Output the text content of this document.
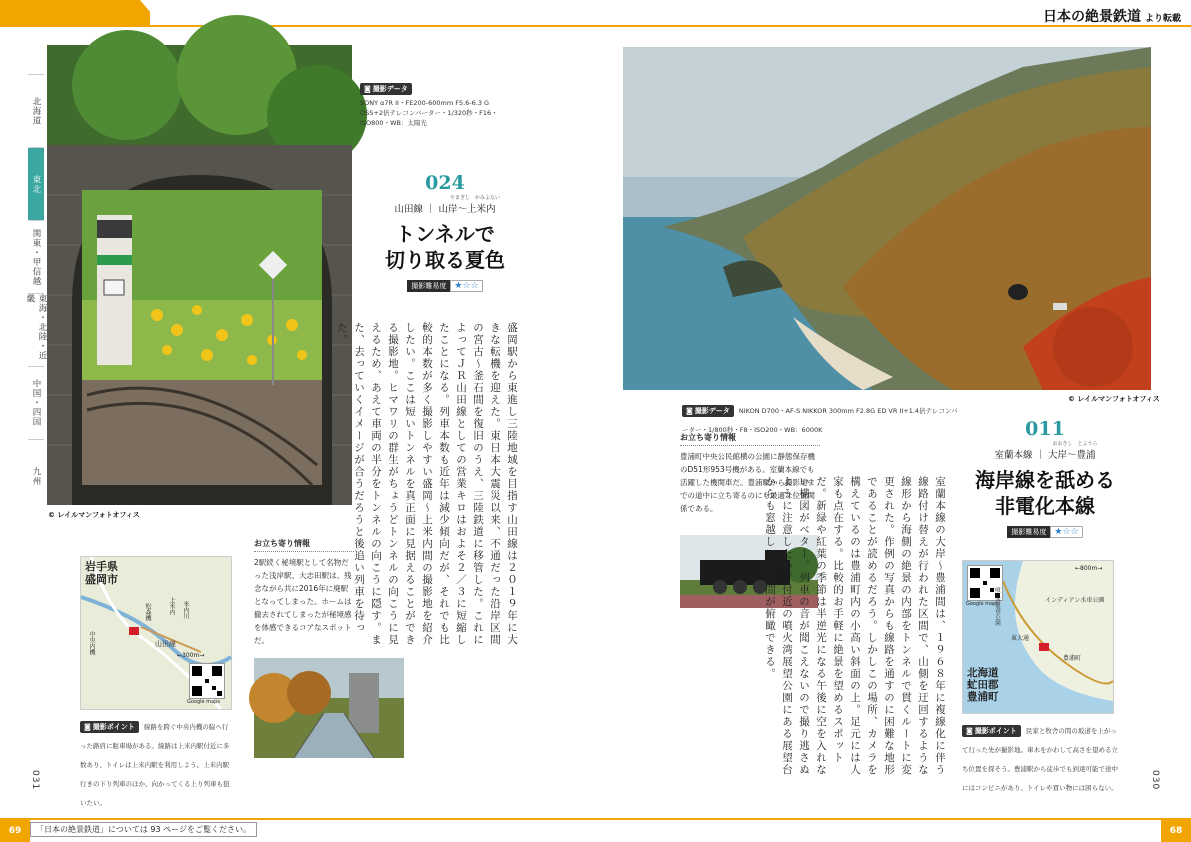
日本の絶景鉄道 より転載
北海道
東北
関東・甲信越
東海・北陸・近畿
中国・四国
九州
© レイルマンフォトオフィス
◙ 撮影データ
SONY α7R II・FE200-600mm F5.6-6.3 G OSS+2倍テレコンバーター・1/320秒・F16・ISO800・WB：太陽光
024
やまぎし　かみよない
山田線 ｜ 山岸～上米内
トンネルで
切り取る夏色
撮影難易度 ★☆☆
盛岡駅から東進し三陸地域を目指す山田線は２０１９年に大きな転機を迎えた。東日本大震災以来、不通だった沿岸区間の宮古～釜石間を復旧のうえ、三陸鉄道に移管した。これによってＪＲ山田線としての営業キロはおよそ２／３に短縮したことになる。列車本数も近年は減少傾向だが、それでも比較的本数が多く撮影しやすい盛岡～上米内間の撮影地を紹介したい。ここは短いトンネルを真正面に見据えることができる撮影地。ヒマワリの群生がちょうどトンネルの向こうに見えるため、あえて車両の半分をトンネルの向こうに隠す。また、去っていくイメージが合うだろうと後追い列車を待った。
お立ち寄り情報
2駅続く秘境駅として名物だった浅岸駅、大志田駅は、残念ながら共に2016年に廃駅となってしまった。ホームは撤去されてしまったが秘境感を体感できるコアなスポットだ。
岩手県
盛岡市
中央内機
松森機
山田線
米内川
上米内
←300m→
Google maps
◙ 撮影ポイント 線路を跨ぐ中央内機の脇へ行った路肩に駐車場がある。線路は上米内駅付近に多数あり、トイレは上米内駅を利用しよう。上米内駅行きの下り列車のほか、向かってくる上り列車も狙いたい。
031
© レイルマンフォトオフィス
◙ 撮影データ NIKON D700・AF-S NIKKOR 300mm F2.8G ED VR II+1.4倍テレコンバーター・1/800秒・F8・ISO200・WB：6000K
お立ち寄り情報
豊浦町中央公民館横の公園に静態保存機のD51形953号機がある。室蘭本線でも活躍した機関車だ。豊浦駅から撮影地までの道中に立ち寄るのにも最適な位置関係である。	室蘭本線の大岸～豊浦間は、１９６８年に複線化に伴う線路付け替えが行われた区間で、山側を迂回するような線形から海側の絶景の内部をトンネルで貫くルートに変更された。作例の写真からも線路を通すのに困難な地形であることが読めるだろう。しかしこの場所、カメラを構えているのは豊浦町内の小高い斜面の上。足元には人家も点在する。比較的お手軽に絶景を望めるスポットだ。新緑や紅葉の季節は半逆光になる午後に空を入れない構図がベター。列車の音が聞こえないので撮り逃さぬように注意したい。付近の噴火湾展望公園にある展望台からも窓越しに同区間が俯瞰できる。
011
おおきし　とようら
室蘭本線 ｜ 大岸～豊浦
海岸線を舐める
非電化本線
撮影難易度 ★☆☆
Google maps
←800m→
噴火湾展望公園	インディアン水車公園
東大通
豊浦町
北海道
虻田郡
豊浦町
◙ 撮影ポイント 民家と牧舎の間の坂道を上がって行った先が撮影地。車木をかわして高さを望める立ち位置を探そう。豊浦駅から徒歩でも到達可能で途中にはコンビニがあり、トイレや買い物には困らない。	030
69	「日本の絶景鉄道」については 93 ページをご覧ください。	68
